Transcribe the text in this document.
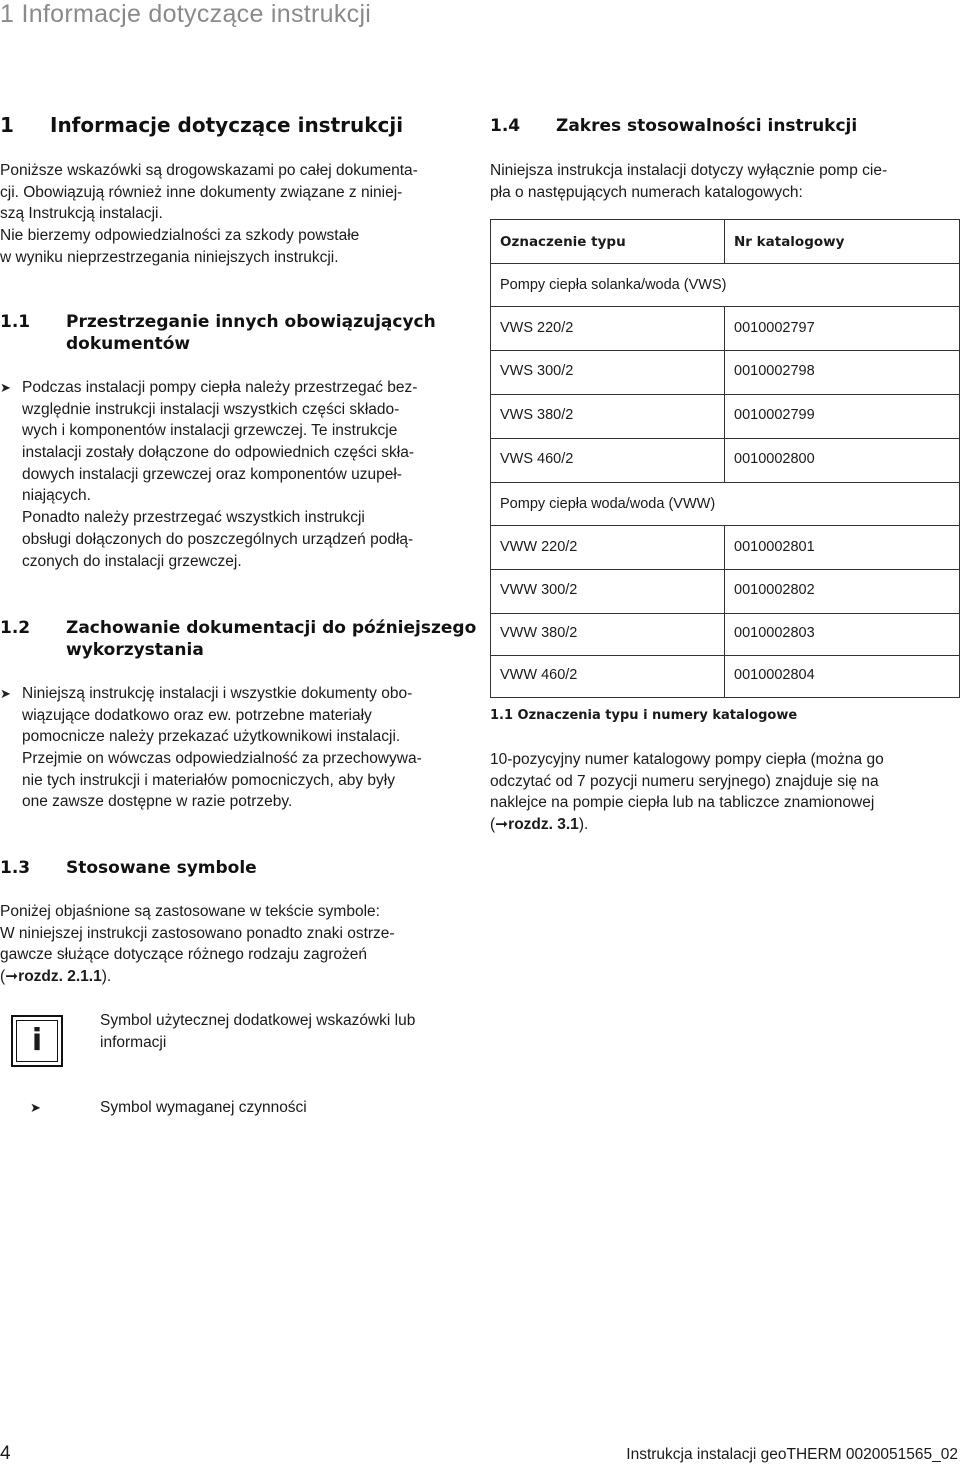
1 Informacje dotyczące instrukcji
1 Informacje dotyczące instrukcji
Poniższe wskazówki są drogowskazami po całej dokumenta-
cji. Obowiązują również inne dokumenty związane z niniej-
szą Instrukcją instalacji.
Nie bierzemy odpowiedzialności za szkody powstałe
w wyniku nieprzestrzegania niniejszych instrukcji.
1.1	Przestrzeganie innych obowiązujących
dokumentów
➤ Podczas instalacji pompy ciepła należy przestrzegać bez-
względnie instrukcji instalacji wszystkich części składo-
wych i komponentów instalacji grzewczej. Te instrukcje
instalacji zostały dołączone do odpowiednich części skła-
dowych instalacji grzewczej oraz komponentów uzupeł-
niających.
Ponadto należy przestrzegać wszystkich instrukcji
obsługi dołączonych do poszczególnych urządzeń podłą-
czonych do instalacji grzewczej.
1.2	Zachowanie dokumentacji do późniejszego
wykorzystania
➤ Niniejszą instrukcję instalacji i wszystkie dokumenty obo-
wiązujące dodatkowo oraz ew. potrzebne materiały
pomocnicze należy przekazać użytkownikowi instalacji.
Przejmie on wówczas odpowiedzialność za przechowywa-
nie tych instrukcji i materiałów pomocniczych, aby były
one zawsze dostępne w razie potrzeby.
1.3	Stosowane symbole
Poniżej objaśnione są zastosowane w tekście symbole:
W niniejszej instrukcji zastosowano ponadto znaki ostrze-
gawcze służące dotyczące różnego rodzaju zagrożeń
(➞rozdz. 2.1.1).
i
Symbol użytecznej dodatkowej wskazówki lub
informacji
➤	Symbol wymaganej czynności
1.4	Zakres stosowalności instrukcji
Niniejsza instrukcja instalacji dotyczy wyłącznie pomp cie-
pła o następujących numerach katalogowych:
Oznaczenie typu	Nr katalogowy
Pompy ciepła solanka/woda (VWS)
VWS 220/2	0010002797
VWS 300/2	0010002798
VWS 380/2	0010002799
VWS 460/2	0010002800
Pompy ciepła woda/woda (VWW)
VWW 220/2	0010002801
VWW 300/2	0010002802
VWW 380/2	0010002803
VWW 460/2	0010002804
1.1 Oznaczenia typu i numery katalogowe
10-pozycyjny numer katalogowy pompy ciepła (można go
odczytać od 7 pozycji numeru seryjnego) znajduje się na
naklejce na pompie ciepła lub na tabliczce znamionowej
(➞rozdz. 3.1).
4	Instrukcja instalacji geoTHERM 0020051565_02
